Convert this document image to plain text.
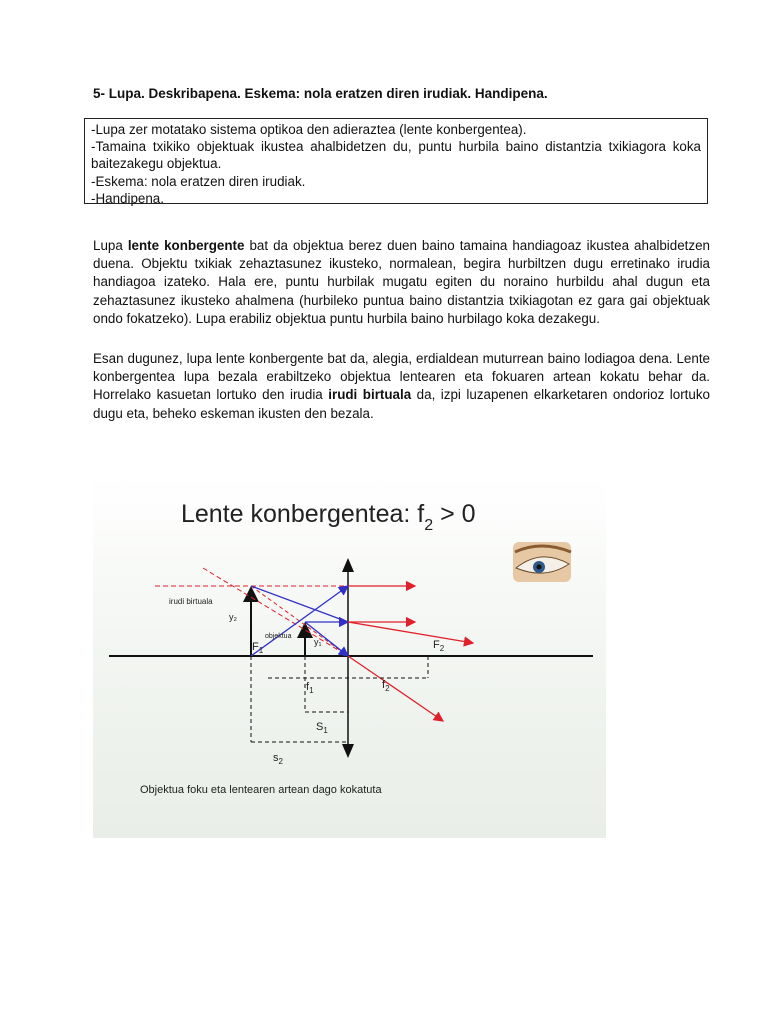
5- Lupa. Deskribapena. Eskema: nola eratzen diren irudiak. Handipena.
-Lupa zer motatako sistema optikoa den adieraztea (lente konbergentea).
-Tamaina txikiko objektuak ikustea ahalbidetzen du, puntu hurbila baino distantzia txikiagora koka baitezakegu objektua.
-Eskema: nola eratzen diren irudiak.
-Handipena.

Lupa lente konbergente bat da objektua berez duen baino tamaina handiagoaz ikustea ahalbidetzen duena. Objektu txikiak zehaztasunez ikusteko, normalean, begira hurbiltzen dugu erretinako irudia handiagoa izateko. Hala ere, puntu hurbilak mugatu egiten du noraino hurbildu ahal dugun eta zehaztasunez ikusteko ahalmena (hurbileko puntua baino distantzia txikiagotan ez gara gai objektuak ondo fokatzeko). Lupa erabiliz objektua puntu hurbila baino hurbilago koka dezakegu.

Esan dugunez, lupa lente konbergente bat da, alegia, erdialdean muturrean baino lodiagoa dena. Lente konbergentea lupa bezala erabiltzeko objektua lentearen eta fokuaren artean kokatu behar da. Horrelako kasuetan lortuko den irudia irudi birtuala da, izpi luzapenen elkarketaren ondorioz lortuko dugu eta, beheko eskeman ikusten den bezala.

Lente konbergentea: $f_2 > 0$
irudi birtuala
y₂
y₁
objektua
$F_1$	$F_2$
$f_1$	$f_2$
$S_1$
$s_2$
Objektua foku eta lentearen artean dago kokatuta
